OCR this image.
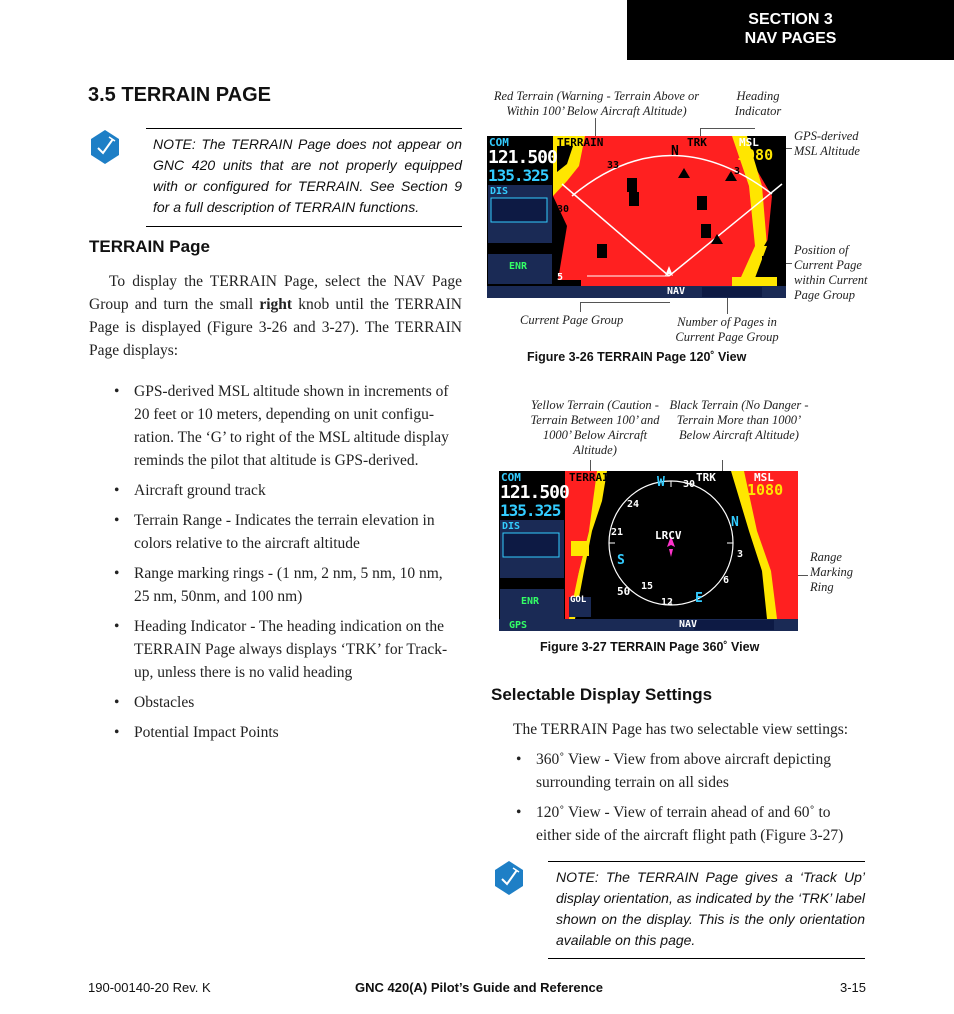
SECTION 3
NAV PAGES
3.5 TERRAIN PAGE
NOTE: The TERRAIN Page does not appear on GNC 420 units that are not properly equipped with or configured for TERRAIN. See Section 9 for a full description of TERRAIN functions.
TERRAIN Page
To display the TERRAIN Page, select the NAV Page Group and turn the small right knob until the TERRAIN Page is displayed (Figure 3-26 and 3-27). The TERRAIN Page displays:
• GPS-derived MSL altitude shown in increments of 20 feet or 10 meters, depending on unit configu-ration. The ‘G’ to right of the MSL altitude display reminds the pilot that altitude is GPS-derived.
• Aircraft ground track
• Terrain Range - Indicates the terrain elevation in colors relative to the aircraft altitude
• Range marking rings - (1 nm, 2 nm, 5 nm, 10 nm, 25 nm, 50nm, and 100 nm)
• Heading Indicator - The heading indication on the TERRAIN Page always displays ‘TRK’ for Track-up, unless there is no valid heading
• Obstacles
• Potential Impact Points
Red Terrain (Warning - Terrain Above or Within 100’ Below Aircraft Altitude)
Heading Indicator
GPS-derived MSL Altitude
Position of Current Page within Current Page Group
Current Page Group	Number of Pages in Current Page Group
COM
121.500
135.325
DIS
ENR
TERRAIN	TRK	MSL
1080
N
3
33
30
5
NAV
Figure 3-26 TERRAIN Page 120˚ View
Yellow Terrain (Caution - Terrain Between 100’ and 1000’ Below Aircraft Altitude)
Black Terrain (No Danger - Terrain More than 1000’ Below Aircraft Altitude)
Range Marking Ring
COM
121.500
135.325
DIS
ENR
GPS
TERRAIN	TRK	MSL
1080
W 30
24
21
S
15
12 E
6
3
N
LRCV
50
GOL
NAV
Figure 3-27 TERRAIN Page 360˚ View
Selectable Display Settings
The TERRAIN Page has two selectable view settings:
• 360˚ View - View from above aircraft depicting surrounding terrain on all sides
• 120˚ View - View of terrain ahead of and 60˚ to either side of the aircraft flight path (Figure 3-27)
NOTE: The TERRAIN Page gives a ‘Track Up’ display orientation, as indicated by the ‘TRK’ label shown on the display. This is the only orientation available on this page.
190-00140-20 Rev. K	GNC 420(A) Pilot’s Guide and Reference	3-15
